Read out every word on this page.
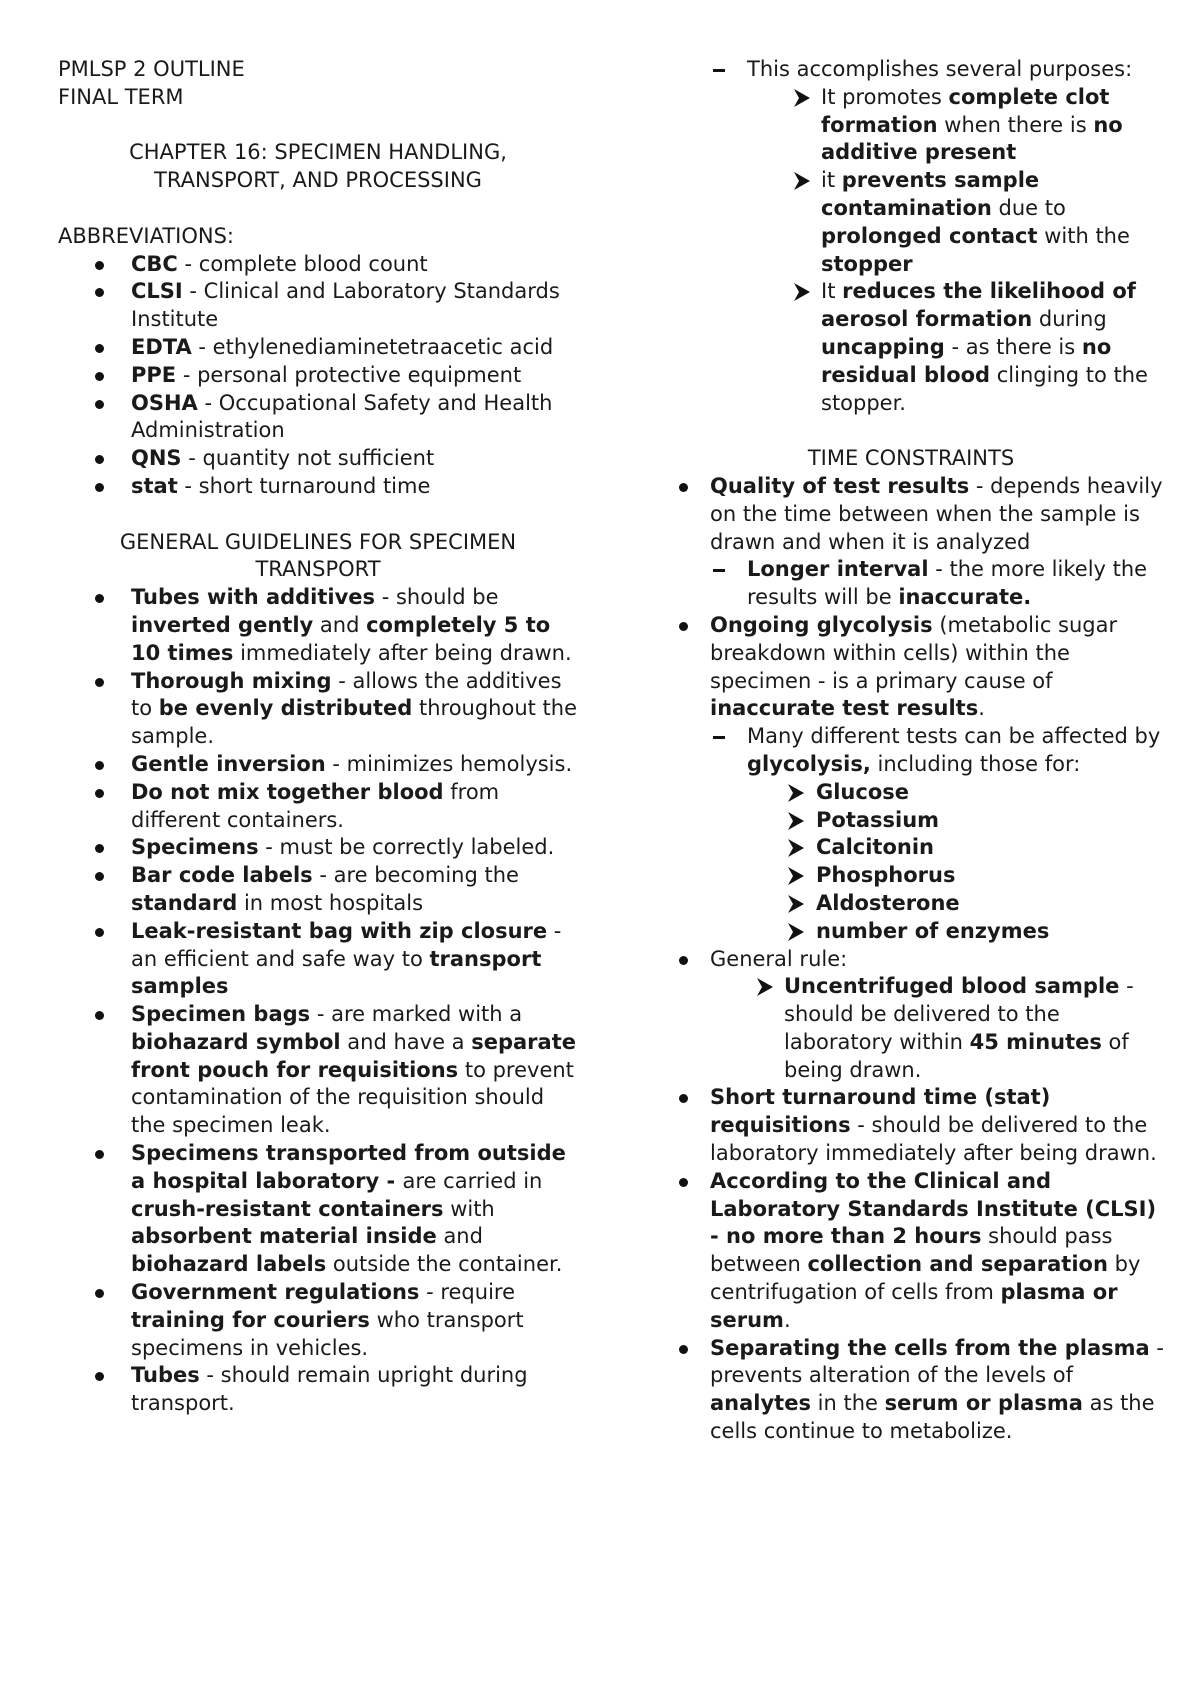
PMLSP 2 OUTLINE
FINAL TERM
CHAPTER 16: SPECIMEN HANDLING,
TRANSPORT, AND PROCESSING
ABBREVIATIONS:
CBC - complete blood count
CLSI - Clinical and Laboratory Standards Institute
EDTA - ethylenediaminetetraacetic acid
PPE - personal protective equipment
OSHA - Occupational Safety and Health Administration
QNS - quantity not sufficient
stat - short turnaround time
GENERAL GUIDELINES FOR SPECIMEN
TRANSPORT
Tubes with additives - should be inverted gently and completely 5 to 10 times immediately after being drawn.
Thorough mixing - allows the additives to be evenly distributed throughout the sample.
Gentle inversion - minimizes hemolysis.
Do not mix together blood from different containers.
Specimens - must be correctly labeled.
Bar code labels - are becoming the standard in most hospitals
Leak-resistant bag with zip closure - an efficient and safe way to transport samples
Specimen bags - are marked with a biohazard symbol and have a separate front pouch for requisitions to prevent contamination of the requisition should the specimen leak.
Specimens transported from outside a hospital laboratory - are carried in crush-resistant containers with absorbent material inside and biohazard labels outside the container.
Government regulations - require training for couriers who transport specimens in vehicles.
Tubes - should remain upright during transport.
This accomplishes several purposes:
It promotes complete clot formation when there is no additive present
it prevents sample contamination due to prolonged contact with the stopper
It reduces the likelihood of aerosol formation during uncapping - as there is no residual blood clinging to the stopper.
TIME CONSTRAINTS
Quality of test results - depends heavily on the time between when the sample is drawn and when it is analyzed
Longer interval - the more likely the results will be inaccurate.
Ongoing glycolysis (metabolic sugar breakdown within cells) within the specimen - is a primary cause of inaccurate test results.
Many different tests can be affected by glycolysis, including those for:
Glucose
Potassium
Calcitonin
Phosphorus
Aldosterone
number of enzymes
General rule:
Uncentrifuged blood sample - should be delivered to the laboratory within 45 minutes of being drawn.
Short turnaround time (stat) requisitions - should be delivered to the laboratory immediately after being drawn.
According to the Clinical and Laboratory Standards Institute (CLSI) - no more than 2 hours should pass between collection and separation by centrifugation of cells from plasma or serum.
Separating the cells from the plasma - prevents alteration of the levels of analytes in the serum or plasma as the cells continue to metabolize.
